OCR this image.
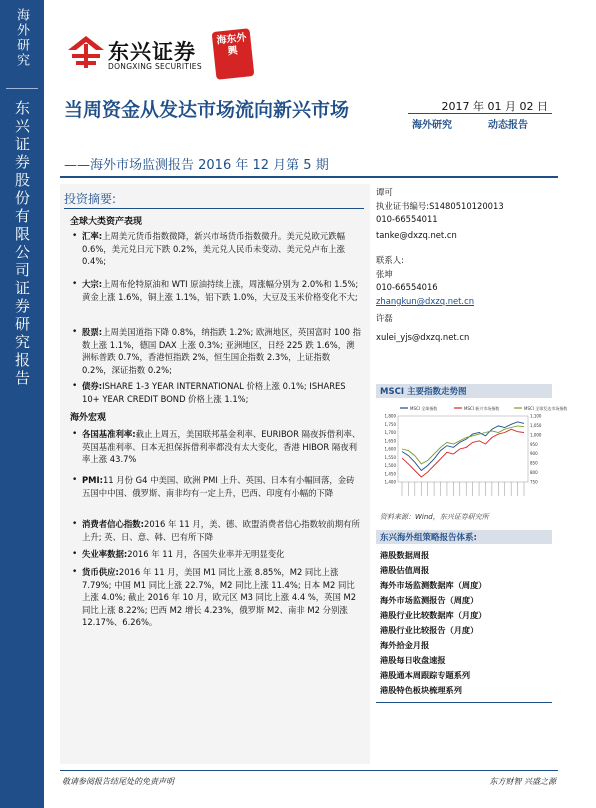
海外研究
东兴证券股份有限公司证券研究报告
东兴证券
DONGXING SECURITIES
海东外興
当周资金从发达市场流向新兴市场
——海外市场监测报告 2016 年 12 月第 5 期
2017 年 01 月 02 日
海外研究	动态报告
投资摘要:
全球大类资产表现
• 汇率:上周美元货币指数微降，新兴市场货币指数微升。美元兑欧元跌幅 0.6%，美元兑日元下跌 0.2%，美元兑人民币未变动、美元兑卢布上涨 0.4%;
• 大宗:上周布伦特原油和 WTI 原油持续上涨，周涨幅分别为 2.0%和 1.5%; 黄金上涨 1.6%，铜上涨 1.1%，铝下跌 1.0%，大豆及玉米价格变化不大;
• 股票:上周美国道指下降 0.8%，纳指跌 1.2%; 欧洲地区，英国富时 100 指数上涨 1.1%，德国 DAX 上涨 0.3%; 亚洲地区，日经 225 跌 1.6%，澳洲标普跌 0.7%，香港恒指跌 2%，恒生国企指数 2.3%，上证指数 0.2%，深证指数 0.2%;
• 债券:ISHARE 1-3 YEAR INTERNATIONAL 价格上涨 0.1%; ISHARES 10+ YEAR CREDIT BOND 价格上涨 1.1%;
海外宏观
• 各国基准利率:截止上周五，美国联邦基金利率、EURIBOR 隔夜拆借利率、英国基准利率、日本无担保拆借利率都没有太大变化，香港 HIBOR 隔夜利率上涨 43.7%
• PMI:11 月份 G4 中美国、欧洲 PMI 上升、英国、日本有小幅回落，金砖五国中中国、俄罗斯、南非均有一定上升，巴西、印度有小幅的下降
• 消费者信心指数:2016 年 11 月，美、德、欧盟消费者信心指数较前期有所上升; 英、日、意、韩、巴有所下降
• 失业率数据:2016 年 11 月，各国失业率并无明显变化
• 货币供应:2016 年 11 月，美国 M1 同比上涨 8.85%，M2 同比上涨 7.79%; 中国 M1 同比上涨 22.7%，M2 同比上涨 11.4%; 日本 M2 同比上涨 4.0%; 截止 2016 年 10 月，欧元区 M3 同比上涨 4.4 %，英国 M2 同比上涨 8.22%; 巴西 M2 增长 4.23%，俄罗斯 M2、南非 M2 分别涨 12.17%、6.26%。
谭可
执业证书编号:S1480510120013
010-66554011
tanke@dxzq.net.cn
联系人:
张坤
010-66554016
zhangkun@dxzq.net.cn
许磊
xulei_yjs@dxzq.net.cn
MSCI 主要指数走势图
MSCI 全球指数	MSCI 新兴市场指数	MSCI 全球发达市场指数
1,800
1,750
1,700
1,650
1,600
1,550
1,500
1,450
1,400
1,100
1,050
1,000
950
900
850
800
750
资料来源：Wind，东兴证券研究所
东兴海外组策略报告体系:
港股数据周报
港股估值周报
海外市场监测数据库（周度）
海外市场监测报告（周度）
港股行业比较数据库（月度）
港股行业比较报告（月度）
海外拾金月报
港股每日收盘速报
港股通本周跟踪专题系列
港股特色板块梳理系列
敬请参阅报告结尾处的免责声明	东方财智 兴盛之源
